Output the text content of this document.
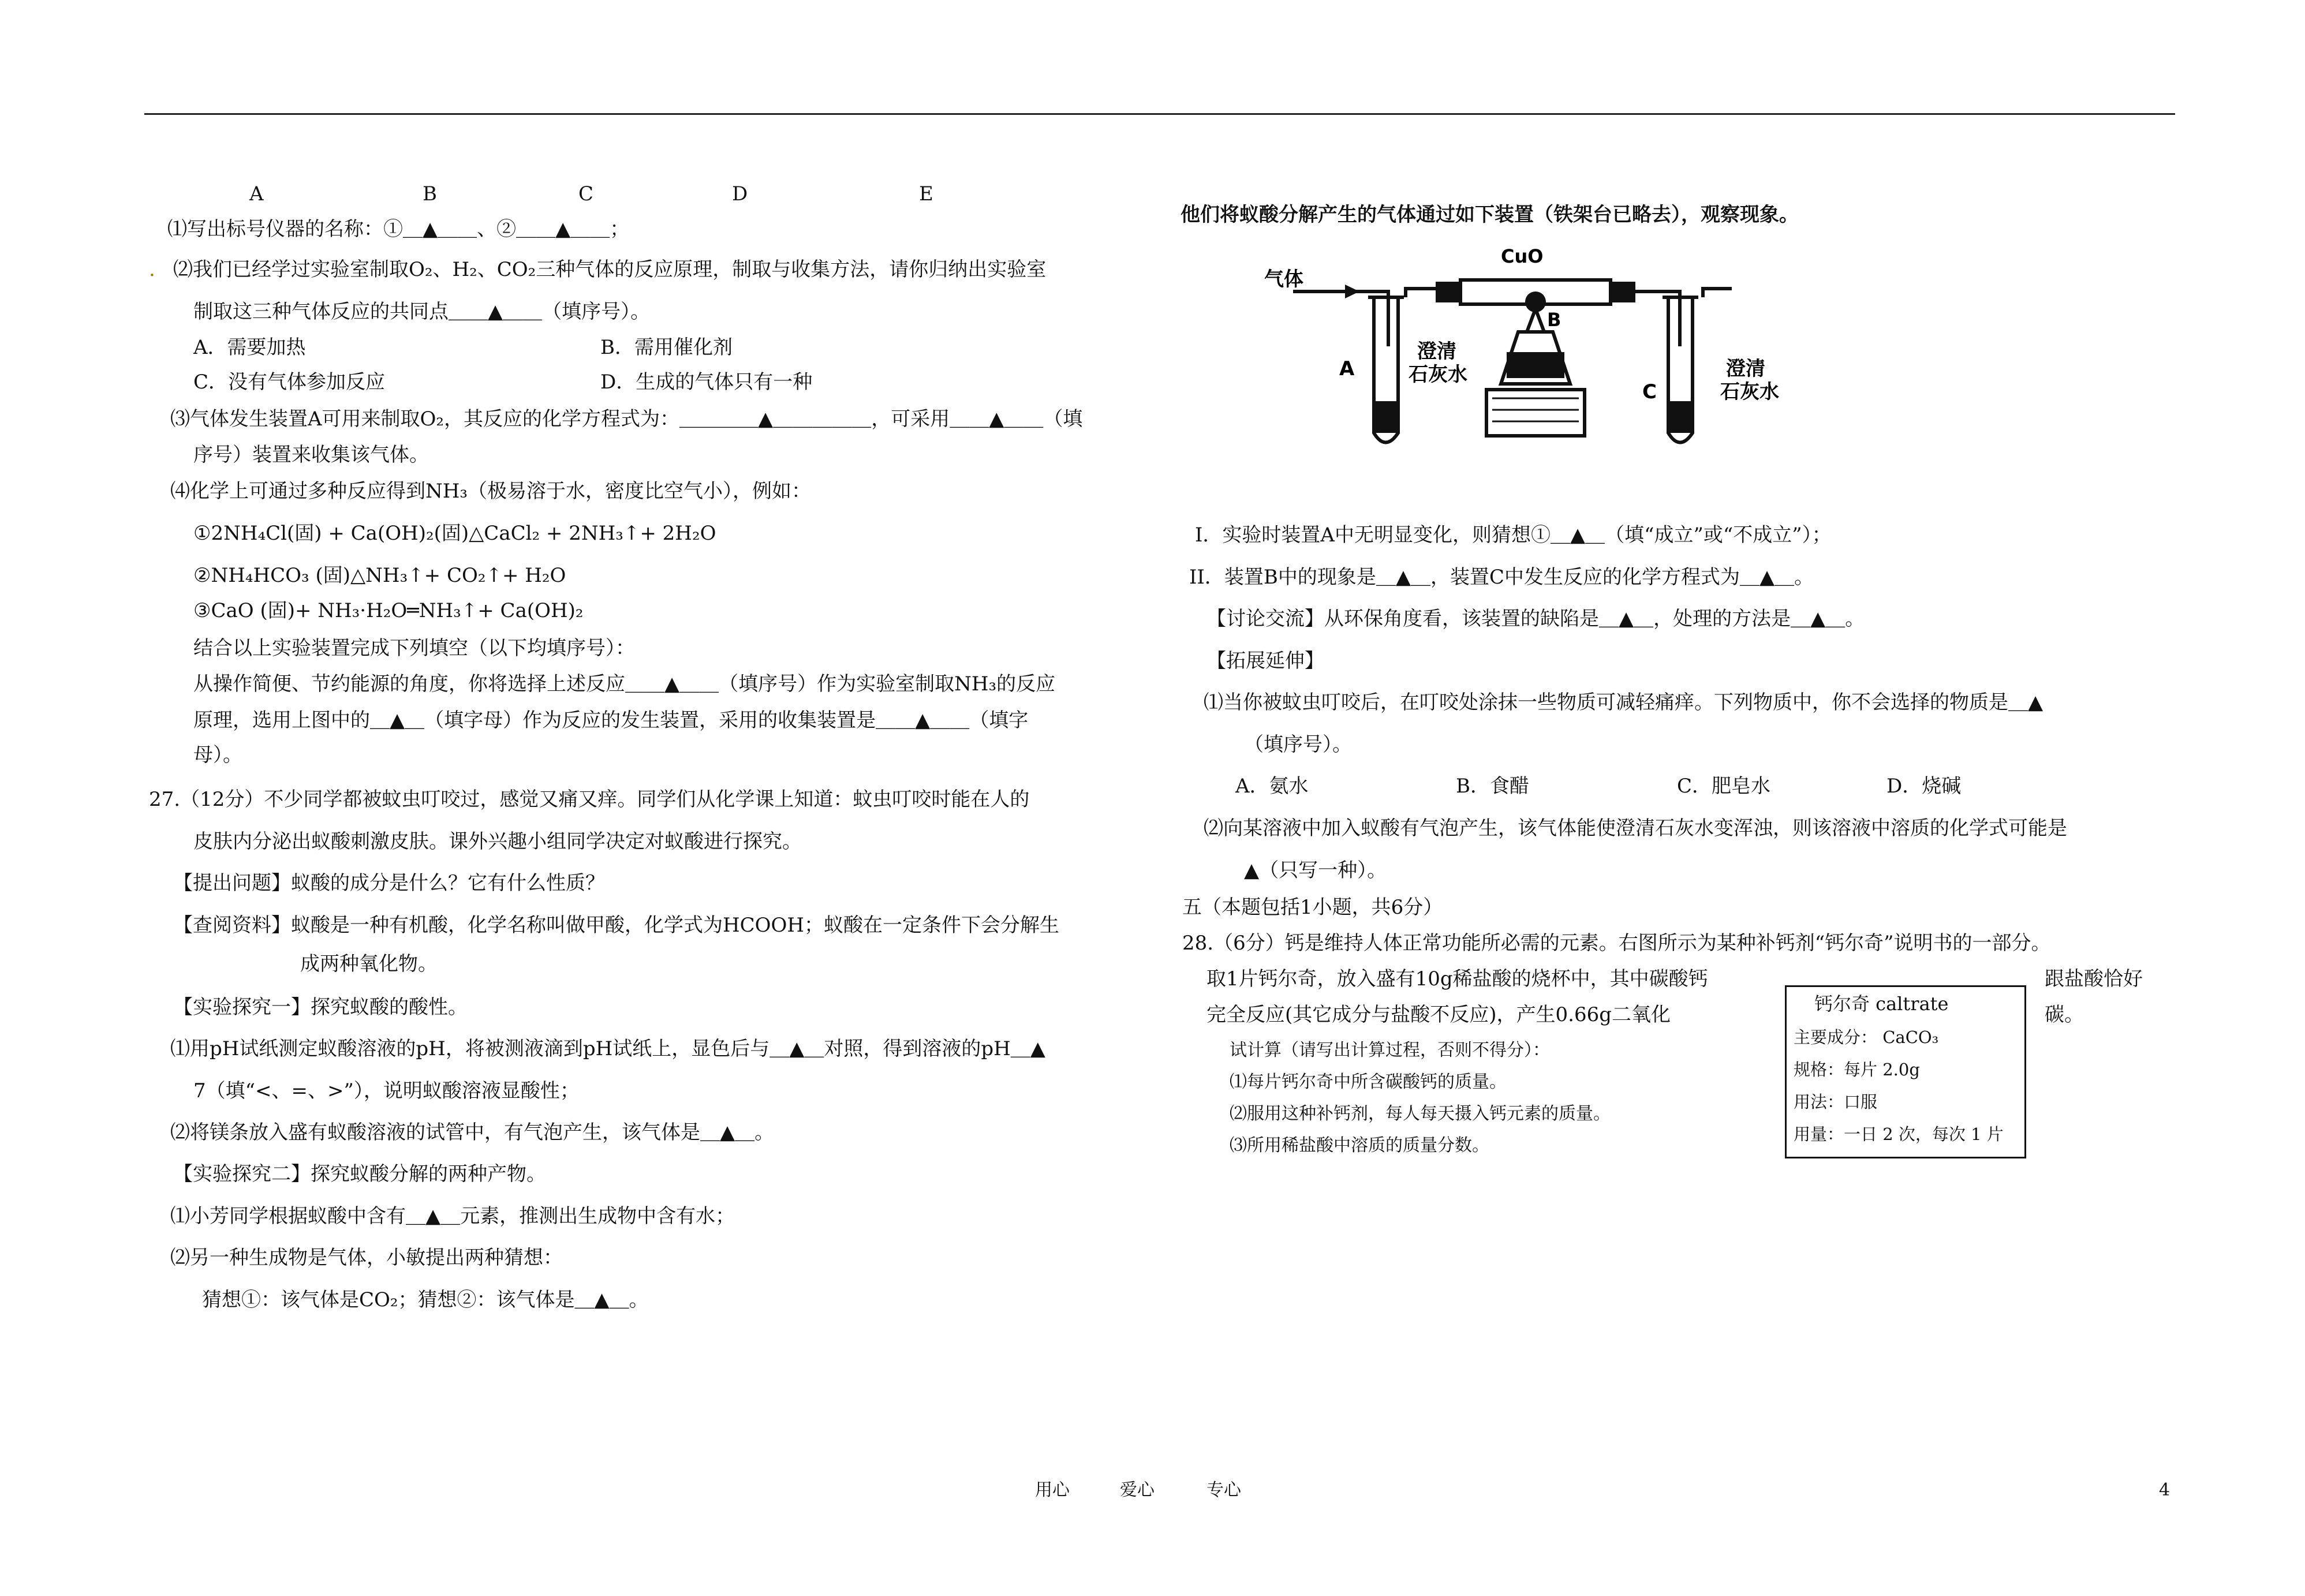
A	B	C	D	E
⑴写出标号仪器的名称：①＿▲＿＿、②＿＿▲＿＿；
. ⑵我们已经学过实验室制取O₂、H₂、CO₂三种气体的反应原理，制取与收集方法，请你归纳出实验室
制取这三种气体反应的共同点＿＿▲＿＿（填序号）。
A．需要加热	B．需用催化剂
C．没有气体参加反应	D．生成的气体只有一种
⑶气体发生装置A可用来制取O₂，其反应的化学方程式为：＿＿＿＿▲＿＿＿＿＿，可采用＿＿▲＿＿（填
序号）装置来收集该气体。
⑷化学上可通过多种反应得到NH₃（极易溶于水，密度比空气小），例如：
①2NH₄Cl(固) + Ca(OH)₂(固)△CaCl₂ + 2NH₃↑+ 2H₂O
②NH₄HCO₃ (固)△NH₃↑+ CO₂↑+ H₂O
③CaO (固)+ NH₃·H₂O═NH₃↑+ Ca(OH)₂
结合以上实验装置完成下列填空（以下均填序号）：
从操作简便、节约能源的角度，你将选择上述反应＿＿▲＿＿（填序号）作为实验室制取NH₃的反应
原理，选用上图中的＿▲＿（填字母）作为反应的发生装置，采用的收集装置是＿＿▲＿＿（填字
母）。
27.（12分）不少同学都被蚊虫叮咬过，感觉又痛又痒。同学们从化学课上知道：蚊虫叮咬时能在人的
皮肤内分泌出蚁酸刺激皮肤。课外兴趣小组同学决定对蚁酸进行探究。
【提出问题】蚁酸的成分是什么？它有什么性质？
【查阅资料】蚁酸是一种有机酸，化学名称叫做甲酸，化学式为HCOOH；蚁酸在一定条件下会分解生
成两种氧化物。
【实验探究一】探究蚁酸的酸性。
⑴用pH试纸测定蚁酸溶液的pH，将被测液滴到pH试纸上，显色后与＿▲＿对照，得到溶液的pH＿▲
7（填“<、=、>”），说明蚁酸溶液显酸性；
⑵将镁条放入盛有蚁酸溶液的试管中，有气泡产生，该气体是＿▲＿。
【实验探究二】探究蚁酸分解的两种产物。
⑴小芳同学根据蚁酸中含有＿▲＿元素，推测出生成物中含有水；
⑵另一种生成物是气体，小敏提出两种猜想：
猜想①：该气体是CO₂；猜想②：该气体是＿▲＿。
他们将蚁酸分解产生的气体通过如下装置（铁架台已略去），观察现象。
气体
CuO
A
澄清
石灰水
B
C
澄清
石灰水
I．实验时装置A中无明显变化，则猜想①＿▲＿（填“成立”或“不成立”）；
II．装置B中的现象是＿▲＿，装置C中发生反应的化学方程式为＿▲＿。
【讨论交流】从环保角度看，该装置的缺陷是＿▲＿，处理的方法是＿▲＿。
【拓展延伸】
⑴当你被蚊虫叮咬后，在叮咬处涂抹一些物质可减轻痛痒。下列物质中，你不会选择的物质是＿▲
（填序号）。
A．氨水	B．食醋	C．肥皂水	D．烧碱
⑵向某溶液中加入蚁酸有气泡产生，该气体能使澄清石灰水变浑浊，则该溶液中溶质的化学式可能是
▲（只写一种）。
五（本题包括1小题，共6分）
28.（6分）钙是维持人体正常功能所必需的元素。右图所示为某种补钙剂“钙尔奇”说明书的一部分。
取1片钙尔奇，放入盛有10g稀盐酸的烧杯中，其中碳酸钙	跟盐酸恰好
完全反应(其它成分与盐酸不反应)，产生0.66g二氧化	碳。
试计算（请写出计算过程，否则不得分）：
⑴每片钙尔奇中所含碳酸钙的质量。
⑵服用这种补钙剂，每人每天摄入钙元素的质量。
⑶所用稀盐酸中溶质的质量分数。
钙尔奇 caltrate
主要成分： CaCO₃
规格：每片 2.0g
用法：口服
用量：一日 2 次，每次 1 片
用心	爱心	专心	4
